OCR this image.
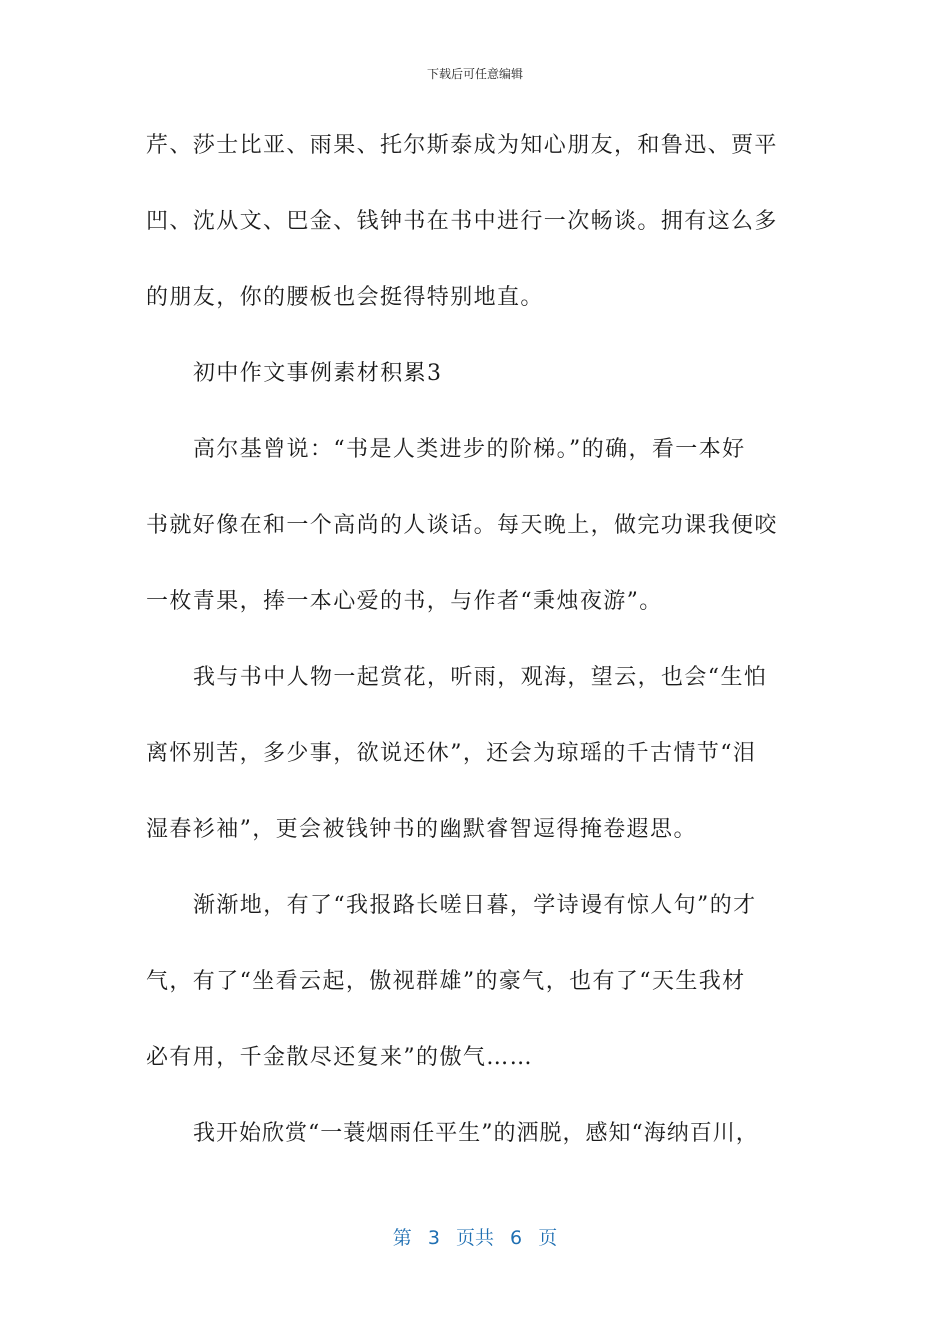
下载后可任意编辑
芹、莎士比亚、雨果、托尔斯泰成为知心朋友，和鲁迅、贾平
凹、沈从文、巴金、钱钟书在书中进行一次畅谈。拥有这么多
的朋友，你的腰板也会挺得特别地直。
初中作文事例素材积累3
高尔基曾说：“书是人类进步的阶梯。”的确，看一本好
书就好像在和一个高尚的人谈话。每天晚上，做完功课我便咬
一枚青果，捧一本心爱的书，与作者“秉烛夜游”。
我与书中人物一起赏花，听雨，观海，望云，也会“生怕
离怀别苦，多少事，欲说还休”，还会为琼瑶的千古情节“泪
湿春衫袖”，更会被钱钟书的幽默睿智逗得掩卷遐思。
渐渐地，有了“我报路长嗟日暮，学诗谩有惊人句”的才
气，有了“坐看云起，傲视群雄”的豪气，也有了“天生我材
必有用，千金散尽还复来”的傲气……
我开始欣赏“一蓑烟雨任平生”的洒脱，感知“海纳百川，
第 3 页共 6 页
